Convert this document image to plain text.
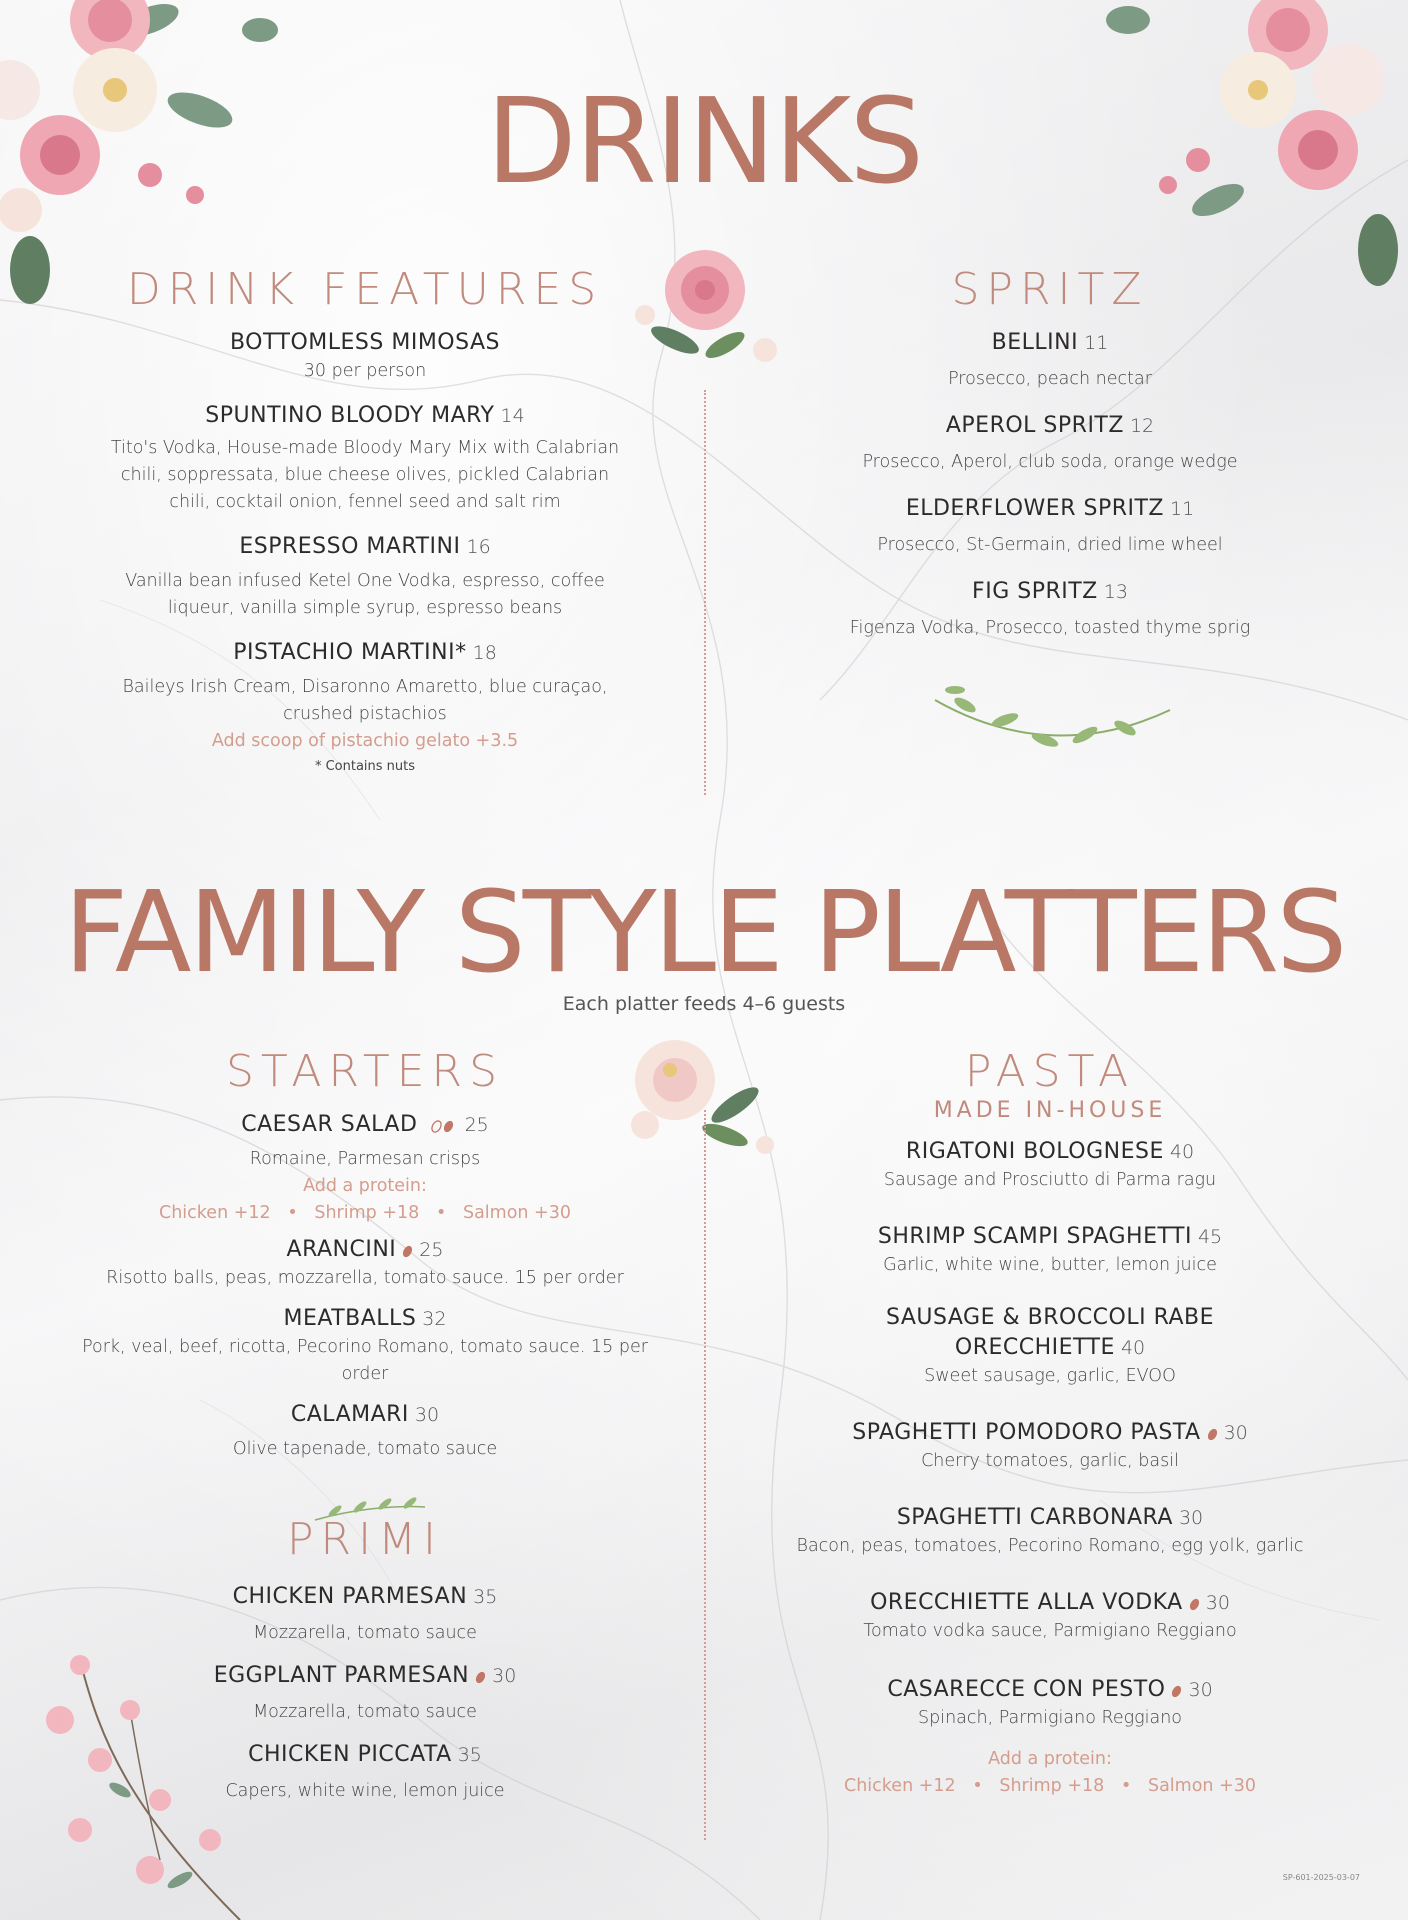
DRINKS
DRINK FEATURES
BOTTOMLESS MIMOSAS
30 per person
SPUNTINO BLOODY MARY 14
Tito's Vodka, House-made Bloody Mary Mix with Calabrian chili, soppressata, blue cheese olives, pickled Calabrian chili, cocktail onion, fennel seed and salt rim
ESPRESSO MARTINI 16
Vanilla bean infused Ketel One Vodka, espresso, coffee liqueur, vanilla simple syrup, espresso beans
PISTACHIO MARTINI* 18
Baileys Irish Cream, Disaronno Amaretto, blue curaçao, crushed pistachios
Add scoop of pistachio gelato +3.5
* Contains nuts
SPRITZ
BELLINI 11
Prosecco, peach nectar
APEROL SPRITZ 12
Prosecco, Aperol, club soda, orange wedge
ELDERFLOWER SPRITZ 11
Prosecco, St-Germain, dried lime wheel
FIG SPRITZ 13
Figenza Vodka, Prosecco, toasted thyme sprig
FAMILY STYLE PLATTERS
Each platter feeds 4–6 guests
STARTERS
CAESAR SALAD 25
Romaine, Parmesan crisps
Add a protein:
Chicken +12   •   Shrimp +18   •   Salmon +30
ARANCINI 25
Risotto balls, peas, mozzarella, tomato sauce. 15 per order
MEATBALLS 32
Pork, veal, beef, ricotta, Pecorino Romano, tomato sauce. 15 per order
CALAMARI 30
Olive tapenade, tomato sauce
PRIMI
CHICKEN PARMESAN 35
Mozzarella, tomato sauce
EGGPLANT PARMESAN 30
Mozzarella, tomato sauce
CHICKEN PICCATA 35
Capers, white wine, lemon juice
PASTA
MADE IN-HOUSE
RIGATONI BOLOGNESE 40
Sausage and Prosciutto di Parma ragu
SHRIMP SCAMPI SPAGHETTI 45
Garlic, white wine, butter, lemon juice
SAUSAGE & BROCCOLI RABE
ORECCHIETTE 40
Sweet sausage, garlic, EVOO
SPAGHETTI POMODORO PASTA 30
Cherry tomatoes, garlic, basil
SPAGHETTI CARBONARA 30
Bacon, peas, tomatoes, Pecorino Romano, egg yolk, garlic
ORECCHIETTE ALLA VODKA 30
Tomato vodka sauce, Parmigiano Reggiano
CASARECCE CON PESTO 30
Spinach, Parmigiano Reggiano
Add a protein:
Chicken +12   •   Shrimp +18   •   Salmon +30
SP-601-2025-03-07
